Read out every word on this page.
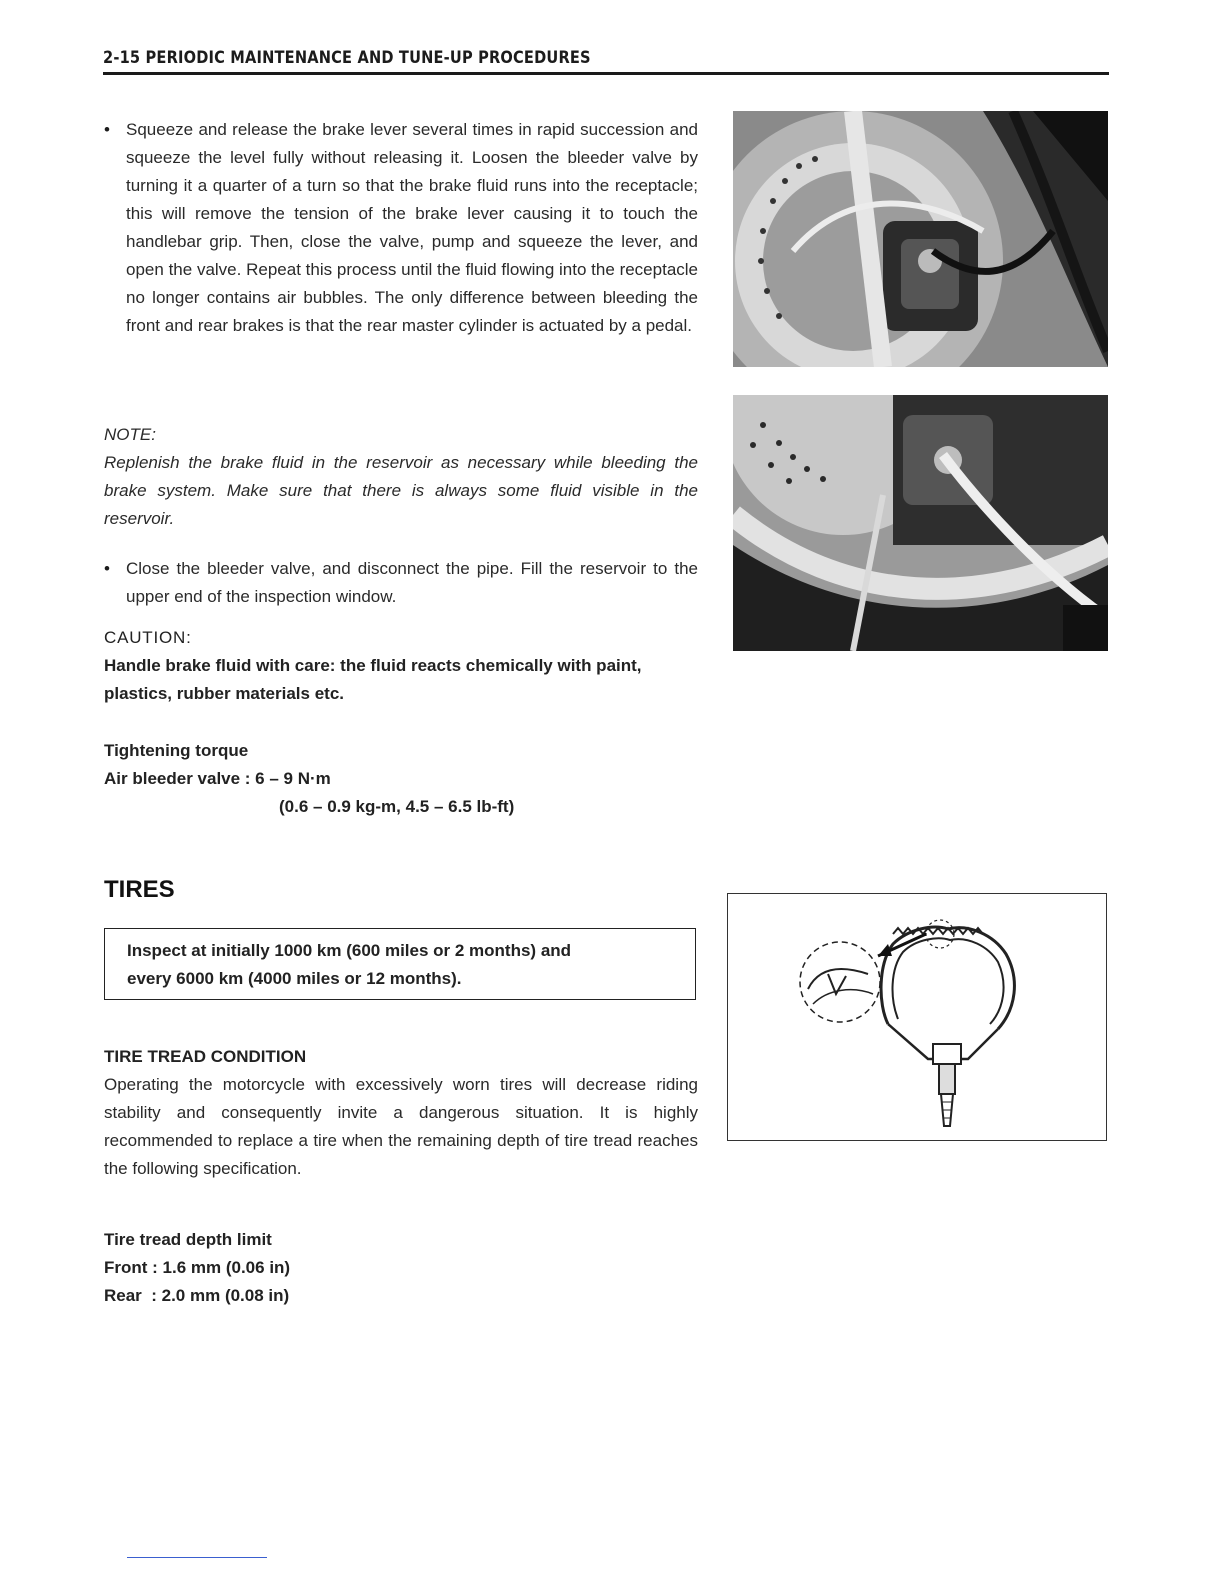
2-15 PERIODIC MAINTENANCE AND TUNE-UP PROCEDURES
• Squeeze and release the brake lever several times in rapid succession and squeeze the level fully without releasing it. Loosen the bleeder valve by turning it a quarter of a turn so that the brake fluid runs into the receptacle; this will remove the tension of the brake lever causing it to touch the handlebar grip. Then, close the valve, pump and squeeze the lever, and open the valve. Repeat this process until the fluid flowing into the receptacle no longer contains air bubbles. The only difference between bleeding the front and rear brakes is that the rear master cylinder is actuated by a pedal.

NOTE:
Replenish the brake fluid in the reservoir as necessary while bleeding the brake system. Make sure that there is always some fluid visible in the reservoir.
• Close the bleeder valve, and disconnect the pipe. Fill the reservoir to the upper end of the inspection window.

CAUTION:
Handle brake fluid with care: the fluid reacts chemically with paint, plastics, rubber materials etc.
Tightening torque
Air bleeder valve : 6 – 9 N·m
(0.6 – 0.9 kg-m, 4.5 – 6.5 lb-ft)
TIRES
Inspect at initially 1000 km (600 miles or 2 months) and
every 6000 km (4000 miles or 12 months).
TIRE TREAD CONDITION

Operating the motorcycle with excessively worn tires will decrease riding stability and consequently invite a dangerous situation. It is highly recommended to replace a tire when the remaining depth of tire tread reaches the following specification.

Tire tread depth limit
Front : 1.6 mm (0.06 in)
Rear  : 2.0 mm (0.08 in)
